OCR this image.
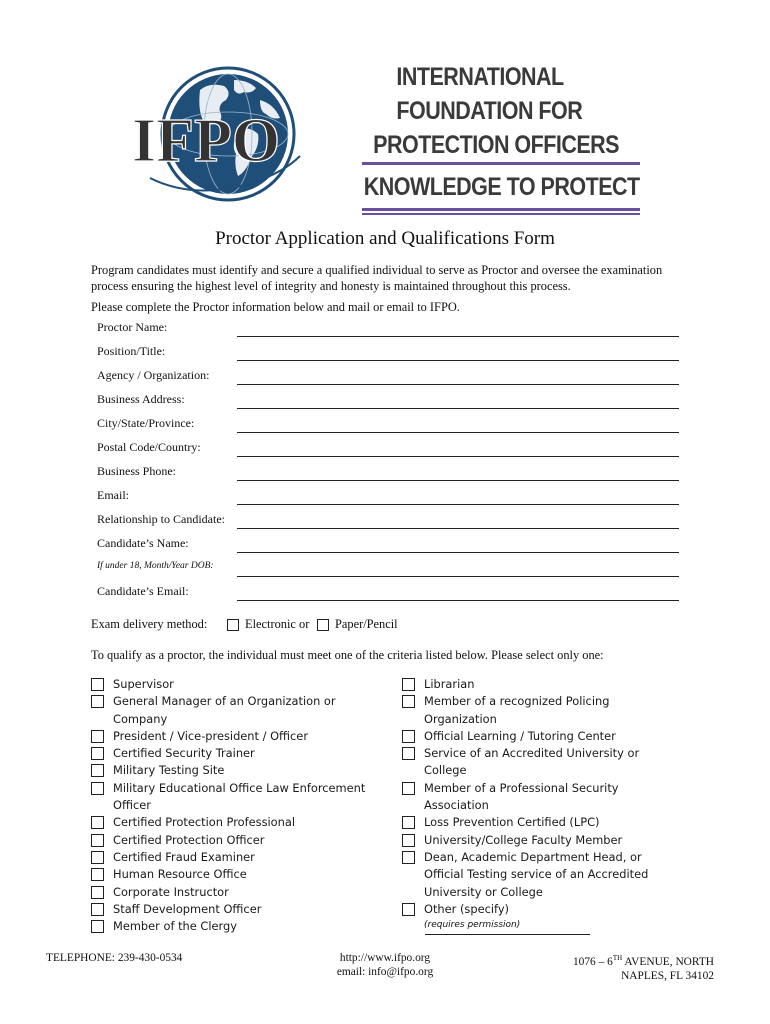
IFPO
INTERNATIONAL
FOUNDATION FOR
PROTECTION OFFICERS
KNOWLEDGE TO PROTECT
Proctor Application and Qualifications Form
Program candidates must identify and secure a qualified individual to serve as Proctor and oversee the examination process ensuring the highest level of integrity and honesty is maintained throughout this process.
Please complete the Proctor information below and mail or email to IFPO.
Proctor Name:
Position/Title:
Agency / Organization:
Business Address:
City/State/Province:
Postal Code/Country:
Business Phone:
Email:
Relationship to Candidate:
Candidate’s Name:
If under 18, Month/Year DOB:
Candidate’s Email:
Exam delivery method:	Electronic or Paper/Pencil
To qualify as a proctor, the individual must meet one of the criteria listed below. Please select only one:
Supervisor
General Manager of an Organization or Company
President / Vice-president / Officer
Certified Security Trainer
Military Testing Site
Military Educational Office Law Enforcement Officer
Certified Protection Professional
Certified Protection Officer
Certified Fraud Examiner
Human Resource Office
Corporate Instructor
Staff Development Officer
Member of the Clergy
Librarian
Member of a recognized Policing Organization
Official Learning / Tutoring Center
Service of an Accredited University or College
Member of a Professional Security Association
Loss Prevention Certified (LPC)
University/College Faculty Member
Dean, Academic Department Head, or Official Testing service of an Accredited University or College
Other (specify)
(requires permission)
TELEPHONE: 239-430-0534	http://www.ifpo.org
email: info@ifpo.org
1076 – 6TH AVENUE, NORTH
NAPLES, FL 34102
